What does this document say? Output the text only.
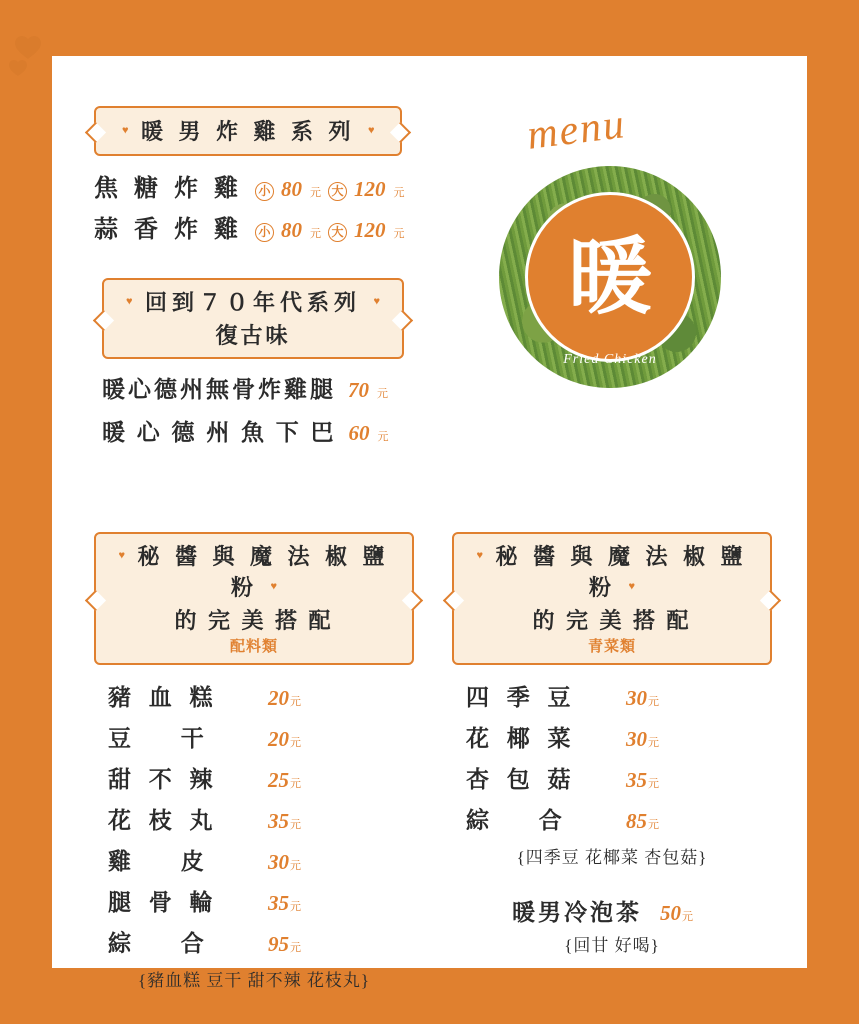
♥ 暖 男 炸 雞 系 列 ♥
焦 糖 炸 雞 小 80 元 大 120 元
蒜 香 炸 雞 小 80 元 大 120 元
♥ 回到７０年代系列 ♥
復古味
暖心德州無骨炸雞腿 70 元
暖 心 德 州 魚 下 巴 60 元
menu
暖
Fried Chicken
♥ 秘 醬 與 魔 法 椒 鹽 粉 ♥
的 完 美 搭 配
配料類
豬 血 糕	20 元
豆 干	20 元
甜 不 辣	25 元
花 枝 丸	35 元
雞 皮	30 元
腿 骨 輪	35 元
綜 合	95 元
{豬血糕 豆干 甜不辣 花枝丸}
♥ 秘 醬 與 魔 法 椒 鹽 粉 ♥
的 完 美 搭 配
青菜類
四 季 豆	30 元
花 椰 菜	30 元
杏 包 菇	35 元
綜 合	85 元
{四季豆 花椰菜 杏包菇}
暖男冷泡茶 50 元
{回甘 好喝}
